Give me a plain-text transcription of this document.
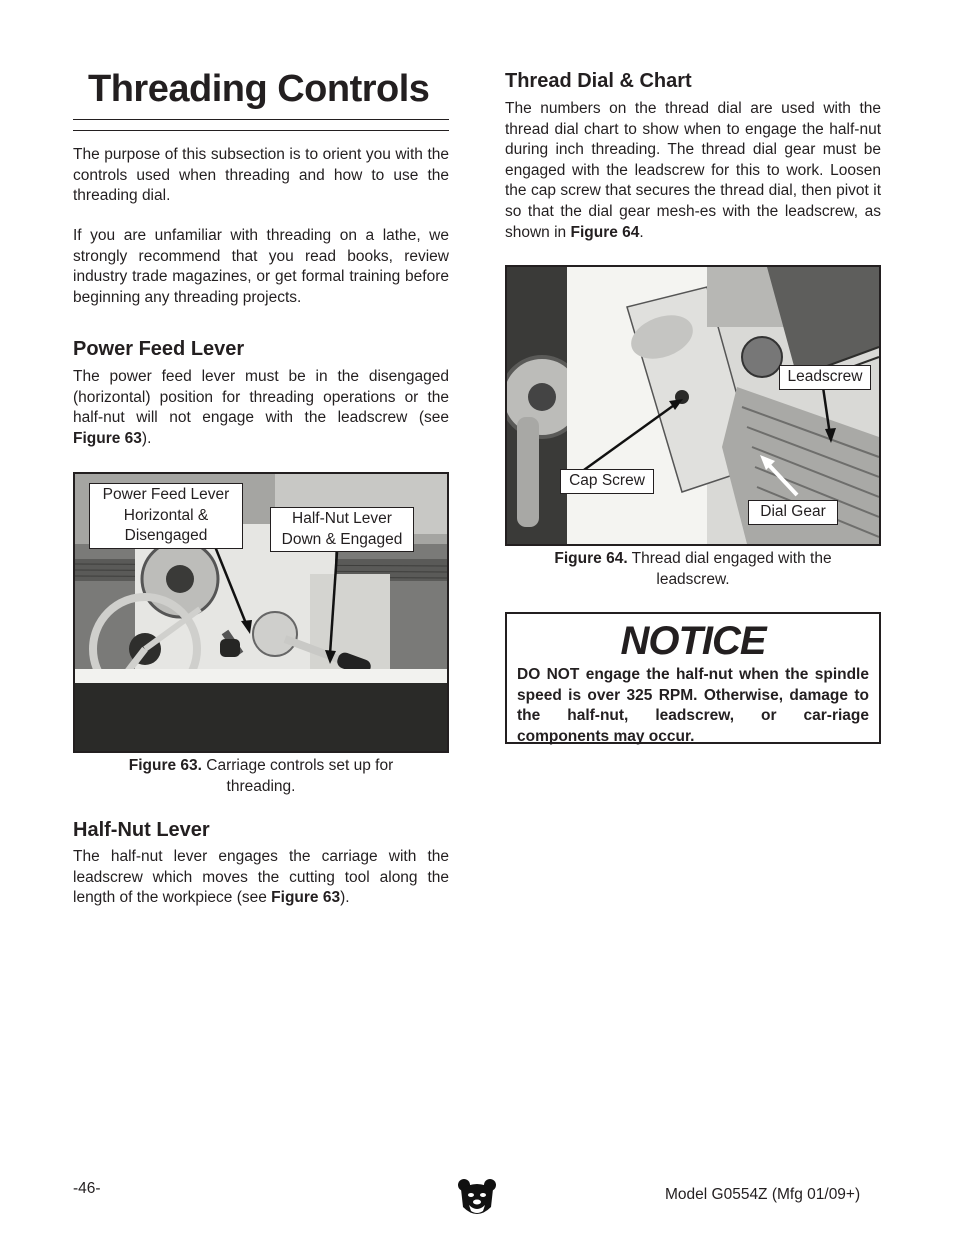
Threading Controls

The purpose of this subsection is to orient you with the controls used when threading and how to use the threading dial.

If you are unfamiliar with threading on a lathe, we strongly recommend that you read books, review industry trade magazines, or get formal training before beginning any threading projects.

Power Feed Lever

The power feed lever must be in the disengaged (horizontal) position for threading operations or the half-nut will not engage with the leadscrew (see Figure 63).

Power Feed Lever
Horizontal &
Disengaged
Half-Nut Lever
Down & Engaged
Figure 63. Carriage controls set up for
threading.
Half-Nut Lever

The half-nut lever engages the carriage with the leadscrew which moves the cutting tool along the length of the workpiece (see Figure 63).

Thread Dial & Chart

The numbers on the thread dial are used with the thread dial chart to show when to engage the half-nut during inch threading. The thread dial gear must be engaged with the leadscrew for this to work. Loosen the cap screw that secures the thread dial, then pivot it so that the dial gear mesh-es with the leadscrew, as shown in Figure 64.

Leadscrew
Cap Screw
Dial Gear
Figure 64. Thread dial engaged with the
leadscrew.
NOTICE
DO NOT engage the half-nut when the spindle speed is over 325 RPM. Otherwise, damage to the half-nut, leadscrew, or car-riage components may occur.
-46-	Model G0554Z (Mfg 01/09+)
